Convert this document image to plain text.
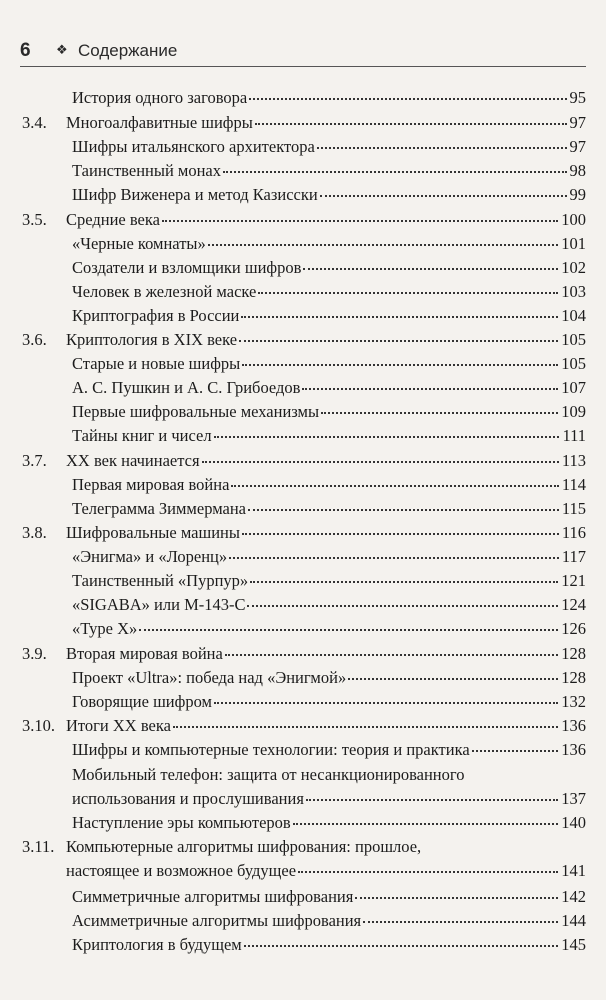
6 ❖ Содержание
История одного заговора	95
3.4. Многоалфавитные шифры	97
Шифры итальянского архитектора	97
Таинственный монах	98
Шифр Виженера и метод Казисски	99
3.5. Средние века	100
«Черные комнаты»	101
Создатели и взломщики шифров	102
Человек в железной маске	103
Криптография в России	104
3.6. Криптология в XIX веке	105
Старые и новые шифры	105
А. С. Пушкин и А. С. Грибоедов	107
Первые шифровальные механизмы	109
Тайны книг и чисел	111
3.7. XX век начинается	113
Первая мировая война	114
Телеграмма Зиммермана	115
3.8. Шифровальные машины	116
«Энигма» и «Лоренц»	117
Таинственный «Пурпур»	121
«SIGABA» или М-143-С	124
«Type X»	126
3.9. Вторая мировая война	128
Проект «Ultra»: победа над «Энигмой»	128
Говорящие шифром	132
3.10. Итоги XX века	136
Шифры и компьютерные технологии: теория и практика	136
Мобильный телефон: защита от несанкционированного
использования и прослушивания	137
Наступление эры компьютеров	140
3.11. Компьютерные алгоритмы шифрования: прошлое,
настоящее и возможное будущее	141
Симметричные алгоритмы шифрования	142
Асимметричные алгоритмы шифрования	144
Криптология в будущем	145
